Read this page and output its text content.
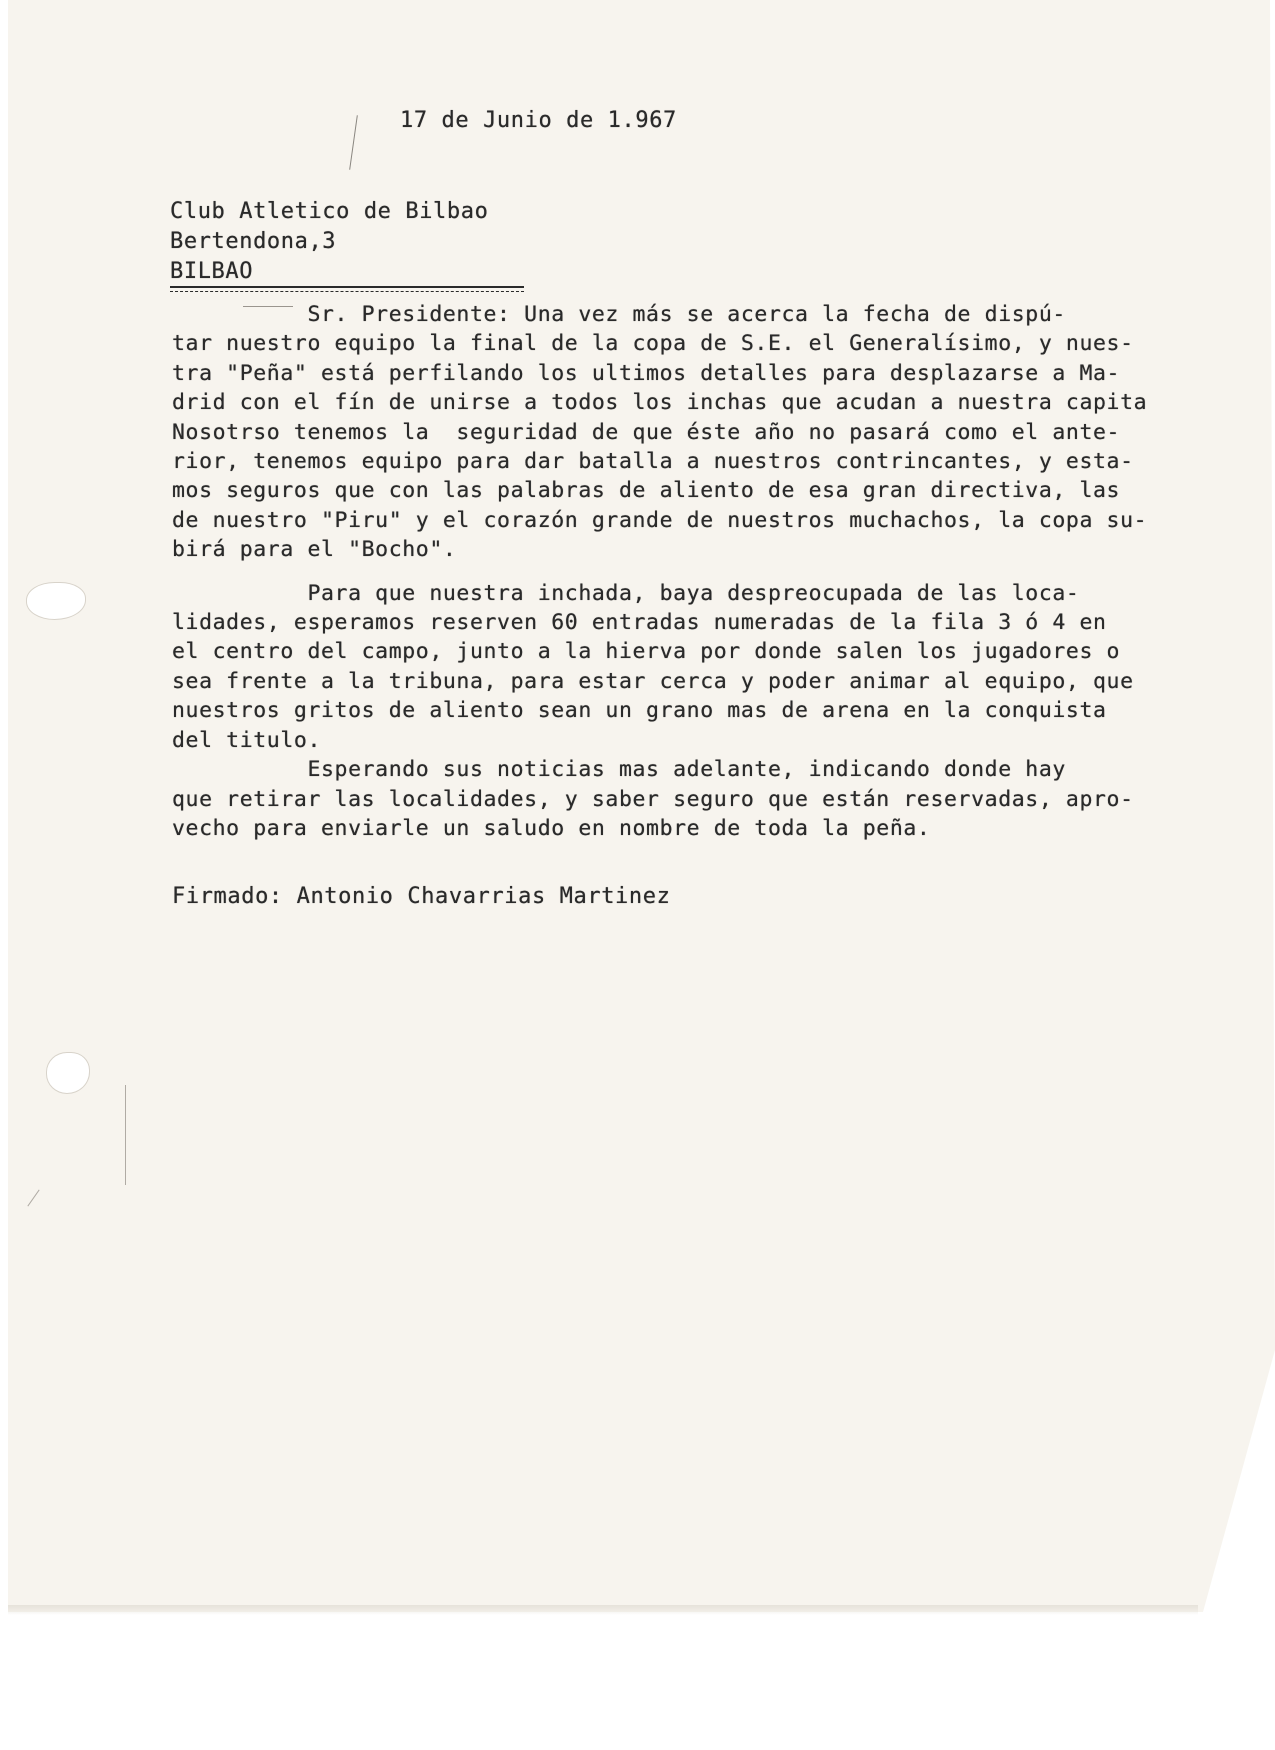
17 de Junio de 1.967
Club Atletico de Bilbao
Bertendona,3
BILBAO
Sr. Presidente: Una vez más se acerca la fecha de dispú-
tar nuestro equipo la final de la copa de S.E. el Generalísimo, y nues-
tra "Peña" está perfilando los ultimos detalles para desplazarse a Ma-
drid con el fín de unirse a todos los inchas que acudan a nuestra capita
Nosotrso tenemos la  seguridad de que éste año no pasará como el ante-
rior, tenemos equipo para dar batalla a nuestros contrincantes, y esta-
mos seguros que con las palabras de aliento de esa gran directiva, las
de nuestro "Piru" y el corazón grande de nuestros muchachos, la copa su-
birá para el "Bocho".
Para que nuestra inchada, baya despreocupada de las loca-
lidades, esperamos reserven 60 entradas numeradas de la fila 3 ó 4 en
el centro del campo, junto a la hierva por donde salen los jugadores o
sea frente a la tribuna, para estar cerca y poder animar al equipo, que
nuestros gritos de aliento sean un grano mas de arena en la conquista
del titulo.
Esperando sus noticias mas adelante, indicando donde hay
que retirar las localidades, y saber seguro que están reservadas, apro-
vecho para enviarle un saludo en nombre de toda la peña.
Firmado: Antonio Chavarrias Martinez
